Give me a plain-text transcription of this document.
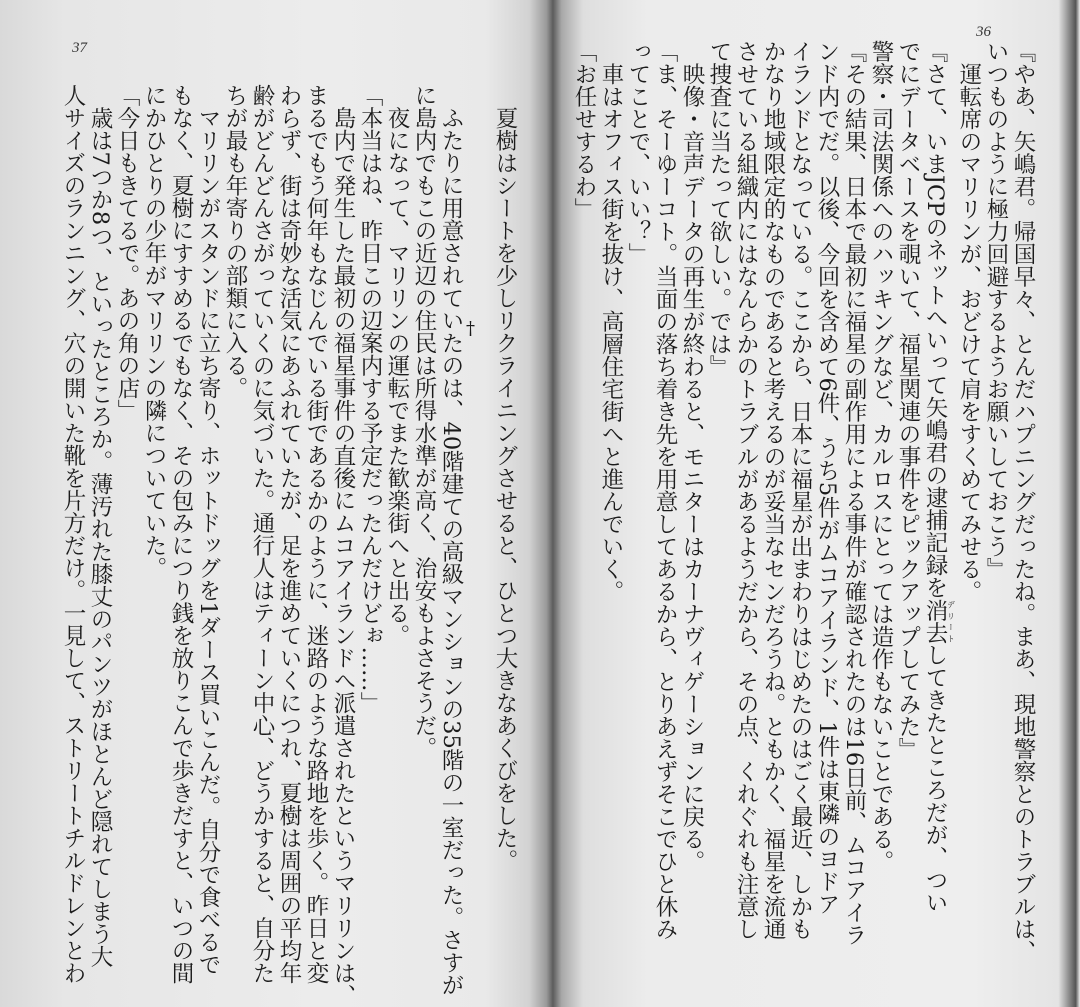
37
　夏樹はシートを少しリクライニングさせると、ひとつ大きなあくびをした。
†
　ふたりに用意されていたのは、40階建ての高級マンションの35階の一室だった。さすが
に島内でもこの近辺の住民は所得水準が高く、治安もよさそうだ。
　夜になって、マリリンの運転でまた歓楽街へと出る。
「本当はね、昨日この辺案内する予定だったんだけどぉ……」
　島内で発生した最初の福星事件の直後にムコアイランドへ派遣されたというマリリンは、
まるでもう何年もなじんでいる街であるかのように、迷路のような路地を歩く。昨日と変
わらず、街は奇妙な活気にあふれていたが、足を進めていくにつれ、夏樹は周囲の平均年
齢がどんどんさがっていくのに気づいた。通行人はティーン中心、どうかすると、自分た
ちが最も年寄りの部類に入る。
　マリリンがスタンドに立ち寄り、ホットドッグを1ダース買いこんだ。自分で食べるで
もなく、夏樹にすすめるでもなく、その包みにつり銭を放りこんで歩きだすと、いつの間
にかひとりの少年がマリリンの隣についていた。
「今日もきてるで。あの角の店」
　歳は7つか8つ、といったところか。薄汚れた膝丈のパンツがほとんど隠れてしまう大
人サイズのランニング、穴の開いた靴を片方だけ。一見して、ストリートチルドレンとわ
36
『やあ、矢嶋君。帰国早々、とんだハプニングだったね。まあ、現地警察とのトラブルは、
いつものように極力回避するようお願いしておこう』
　運転席のマリリンが、おどけて肩をすくめてみせる。
『さて、いまJCPのネットへいって矢嶋君の逮捕記録を消去デリートしてきたところだが、つい
でにデータベースを覗いて、福星関連の事件をピックアップしてみた』
警察・司法関係へのハッキングなど、カルロスにとっては造作もないことである。
『その結果、日本で最初に福星の副作用による事件が確認されたのは16日前、ムコアイラ
ンド内でだ。以後、今回を含めて6件、うち5件がムコアイランド、1件は東隣のヨドア
イランドとなっている。ここから、日本に福星が出まわりはじめたのはごく最近、しかも
かなり地域限定的なものであると考えるのが妥当なセンだろうね。ともかく、福星を流通
させている組織内にはなんらかのトラブルがあるようだから、その点、くれぐれも注意し
て捜査に当たって欲しい。では』
　映像・音声データの再生が終わると、モニターはカーナヴィゲーションに戻る。
「ま、そーゆーコト。当面の落ち着き先を用意してあるから、とりあえずそこでひと休み
ってことで、いい？」
　車はオフィス街を抜け、高層住宅街へと進んでいく。
「お任せするわ」
